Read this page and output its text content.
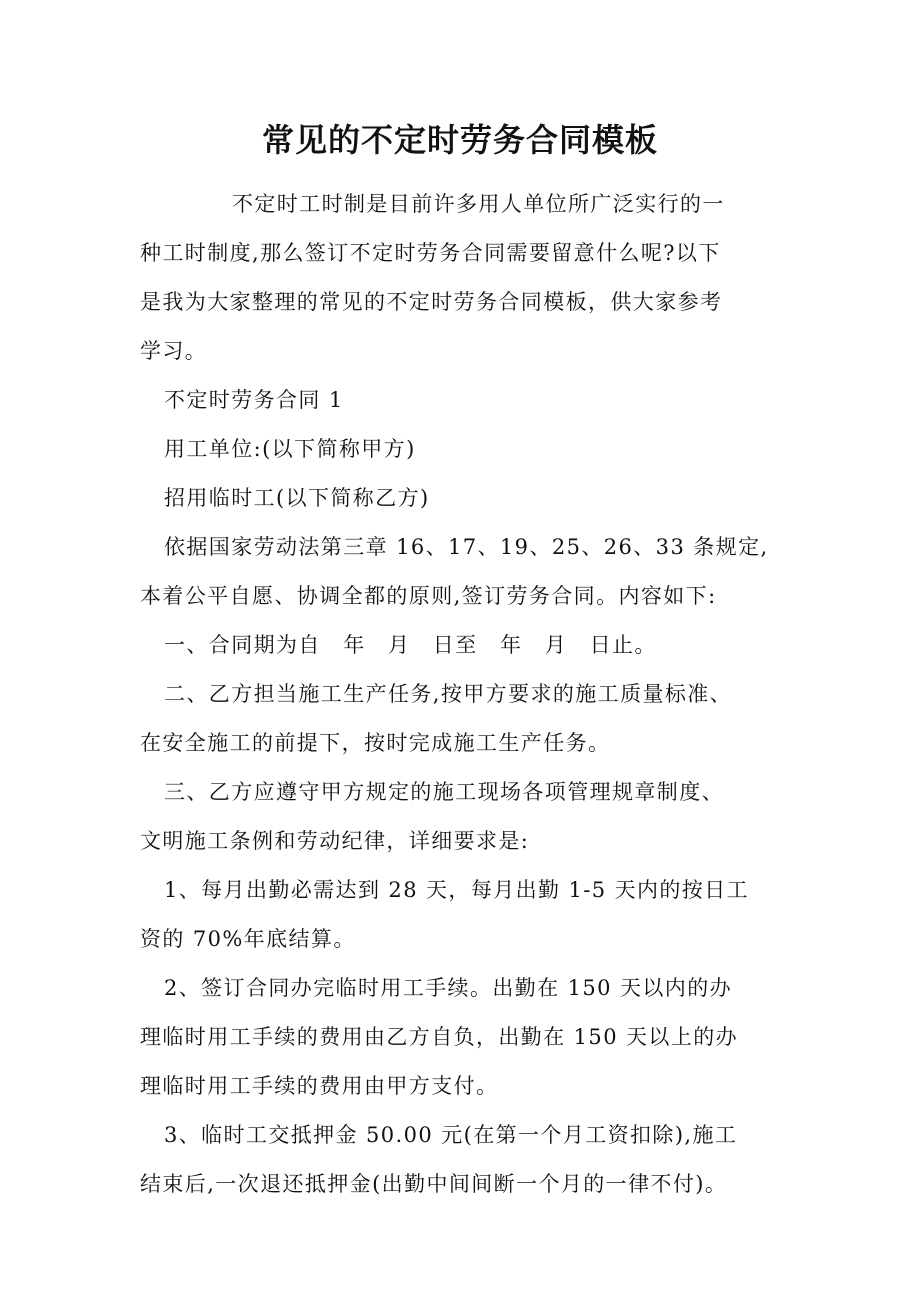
常见的不定时劳务合同模板
不定时工时制是目前许多用人单位所广泛实行的一
种工时制度,那么签订不定时劳务合同需要留意什么呢?以下
是我为大家整理的常见的不定时劳务合同模板，供大家参考
学习。
不定时劳务合同 1
用工单位:(以下简称甲方)
招用临时工(以下简称乙方)
依据国家劳动法第三章 16、17、19、25、26、33 条规定,
本着公平自愿、协调全都的原则,签订劳务合同。内容如下:
一、合同期为自　年　月　日至　年　月　日止。
二、乙方担当施工生产任务,按甲方要求的施工质量标准、
在安全施工的前提下，按时完成施工生产任务。
三、乙方应遵守甲方规定的施工现场各项管理规章制度、
文明施工条例和劳动纪律，详细要求是:
1、每月出勤必需达到 28 天，每月出勤 1-5 天内的按日工
资的 70%年底结算。
2、签订合同办完临时用工手续。出勤在 150 天以内的办
理临时用工手续的费用由乙方自负，出勤在 150 天以上的办
理临时用工手续的费用由甲方支付。
3、临时工交抵押金 50.00 元(在第一个月工资扣除),施工
结束后,一次退还抵押金(出勤中间间断一个月的一律不付)。
